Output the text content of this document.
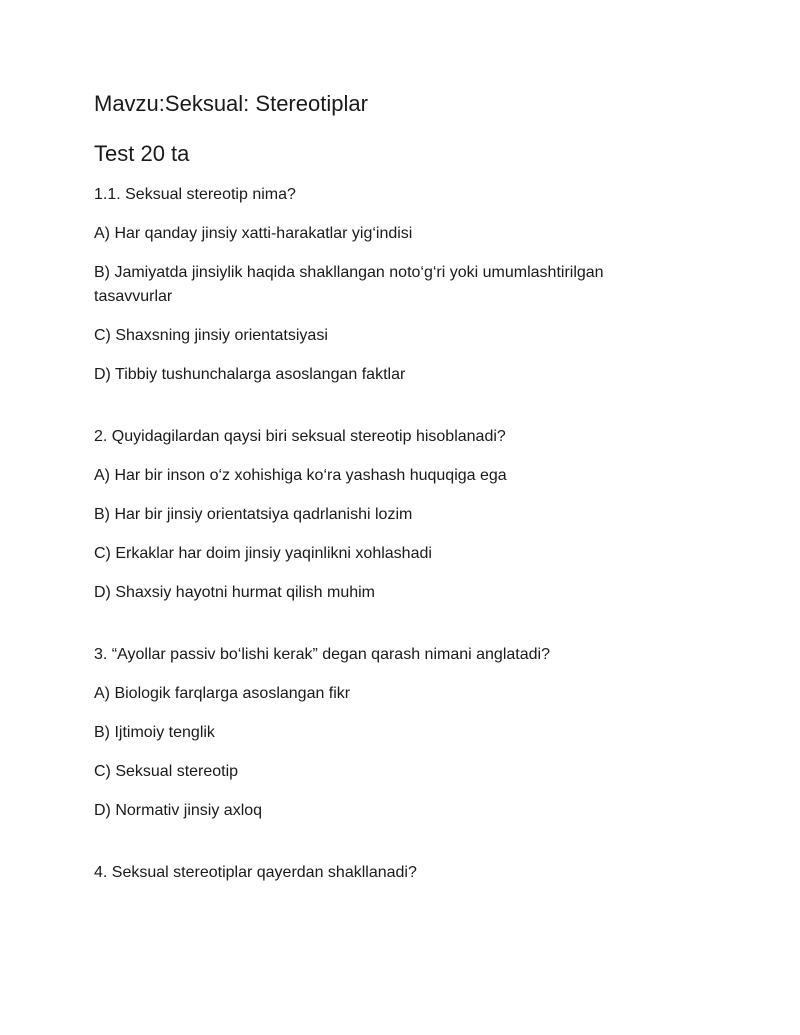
Mavzu:Seksual: Stereotiplar
Test 20 ta

1.1. Seksual stereotip nima?

A) Har qanday jinsiy xatti-harakatlar yig‘indisi

B) Jamiyatda jinsiylik haqida shakllangan noto‘g‘ri yoki umumlashtirilgan tasavvurlar

C) Shaxsning jinsiy orientatsiyasi

D) Tibbiy tushunchalarga asoslangan faktlar

2. Quyidagilardan qaysi biri seksual stereotip hisoblanadi?

A) Har bir inson o‘z xohishiga ko‘ra yashash huquqiga ega

B) Har bir jinsiy orientatsiya qadrlanishi lozim

C) Erkaklar har doim jinsiy yaqinlikni xohlashadi

D) Shaxsiy hayotni hurmat qilish muhim

3. “Ayollar passiv bo‘lishi kerak” degan qarash nimani anglatadi?

A) Biologik farqlarga asoslangan fikr

B) Ijtimoiy tenglik

C) Seksual stereotip

D) Normativ jinsiy axloq

4. Seksual stereotiplar qayerdan shakllanadi?
